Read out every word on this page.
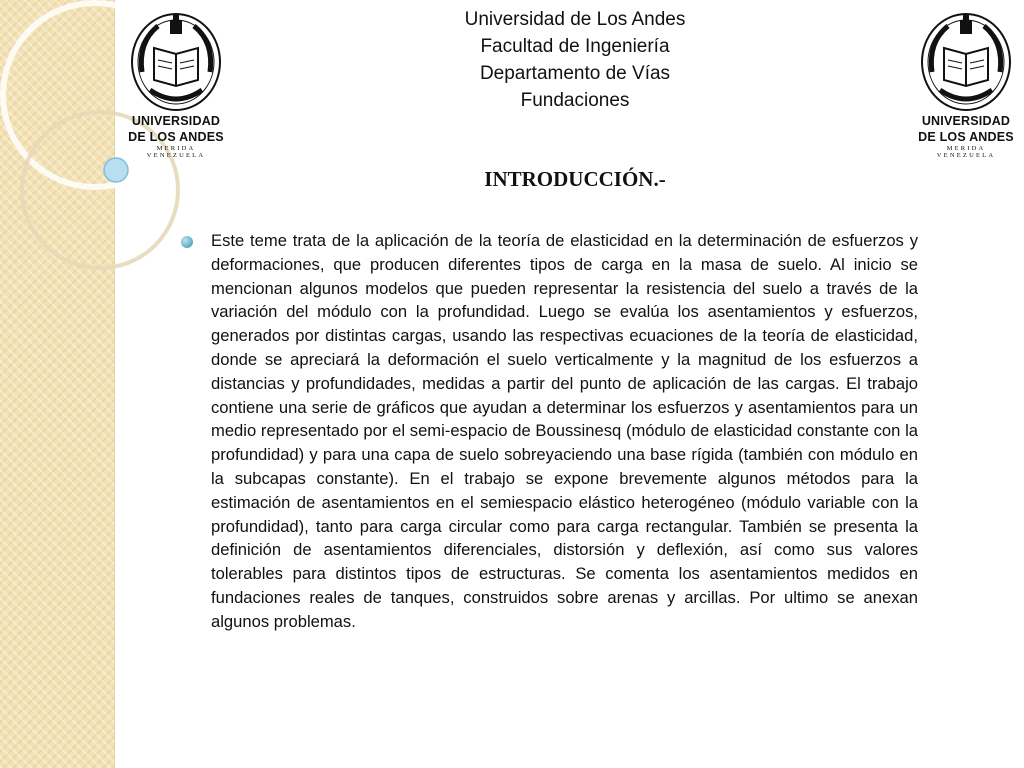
UNIVERSIDAD
DE LOS ANDES
MERIDA VENEZUELA
UNIVERSIDAD
DE LOS ANDES
MERIDA VENEZUELA
Universidad de Los Andes
Facultad de Ingeniería
Departamento de Vías
Fundaciones
INTRODUCCIÓN.-
Este teme trata de la aplicación de la teoría de elasticidad en la determinación de esfuerzos y deformaciones, que producen diferentes tipos de carga en la masa de suelo. Al inicio se mencionan algunos modelos que pueden representar la resistencia del suelo a través de la variación del módulo con la profundidad. Luego se evalúa los asentamientos y esfuerzos, generados por distintas cargas, usando las respectivas ecuaciones de la teoría de elasticidad, donde se apreciará la deformación el suelo verticalmente y la magnitud de los esfuerzos a distancias y profundidades, medidas a partir del punto de aplicación de las cargas. El trabajo contiene una serie de gráficos que ayudan a determinar los esfuerzos y asentamientos para un medio representado por el semi-espacio de Boussinesq (módulo de elasticidad constante con la profundidad) y para una capa de suelo sobreyaciendo una base rígida (también con módulo en la subcapas constante). En el trabajo se expone brevemente algunos métodos para la estimación de asentamientos en el semiespacio elástico heterogéneo (módulo variable con la profundidad), tanto para carga circular como para carga rectangular. También se presenta la definición de asentamientos diferenciales, distorsión y deflexión, así como sus valores tolerables para distintos tipos de estructuras. Se comenta los asentamientos medidos en fundaciones reales de tanques, construidos sobre arenas y arcillas. Por ultimo se anexan algunos problemas.
